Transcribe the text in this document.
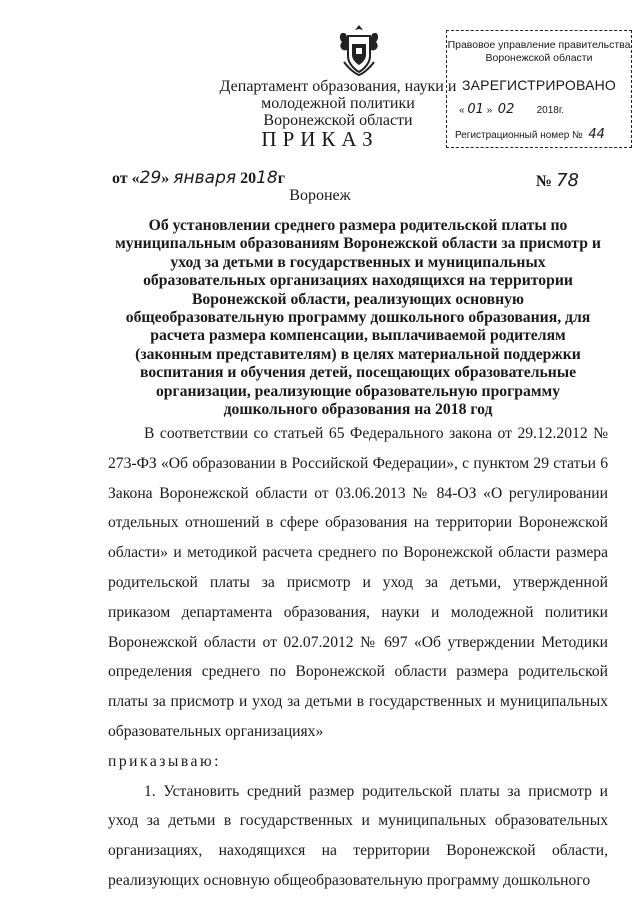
Правовое управление правительства
Воронежской области
ЗАРЕГИСТРИРОВАНО
« 01 »  02 2018г.
Регистрационный номер № 44
Департамент образования, науки и молодежной политики
Воронежской области
ПРИКАЗ
от «29» января 2018г	№ 78
Воронеж
Об установлении среднего размера родительской платы по муниципальным образованиям Воронежской области за присмотр и уход за детьми в государственных и муниципальных образовательных организациях находящихся на территории Воронежской области, реализующих основную общеобразовательную программу дошкольного образования, для расчета размера компенсации, выплачиваемой родителям (законным представителям) в целях материальной поддержки воспитания и обучения детей, посещающих образовательные организации, реализующие образовательную программу дошкольного образования на 2018 год

В соответствии со статьей 65 Федерального закона от 29.12.2012 № 273-ФЗ «Об образовании в Российской Федерации», с пунктом 29 статьи 6 Закона Воронежской области от 03.06.2013 № 84-ОЗ «О регулировании отдельных отношений в сфере образования на территории Воронежской области» и методикой расчета среднего по Воронежской области размера родительской платы за присмотр и уход за детьми, утвержденной приказом департамента образования, науки и молодежной политики Воронежской области от 02.07.2012 № 697 «Об утверждении Методики определения среднего по Воронежской области размера родительской платы за присмотр и уход за детьми в государственных и муниципальных образовательных организациях»

приказываю:

1. Установить средний размер родительской платы за присмотр и уход за детьми в государственных и муниципальных образовательных организациях, находящихся на территории Воронежской области, реализующих основную общеобразовательную программу дошкольного
